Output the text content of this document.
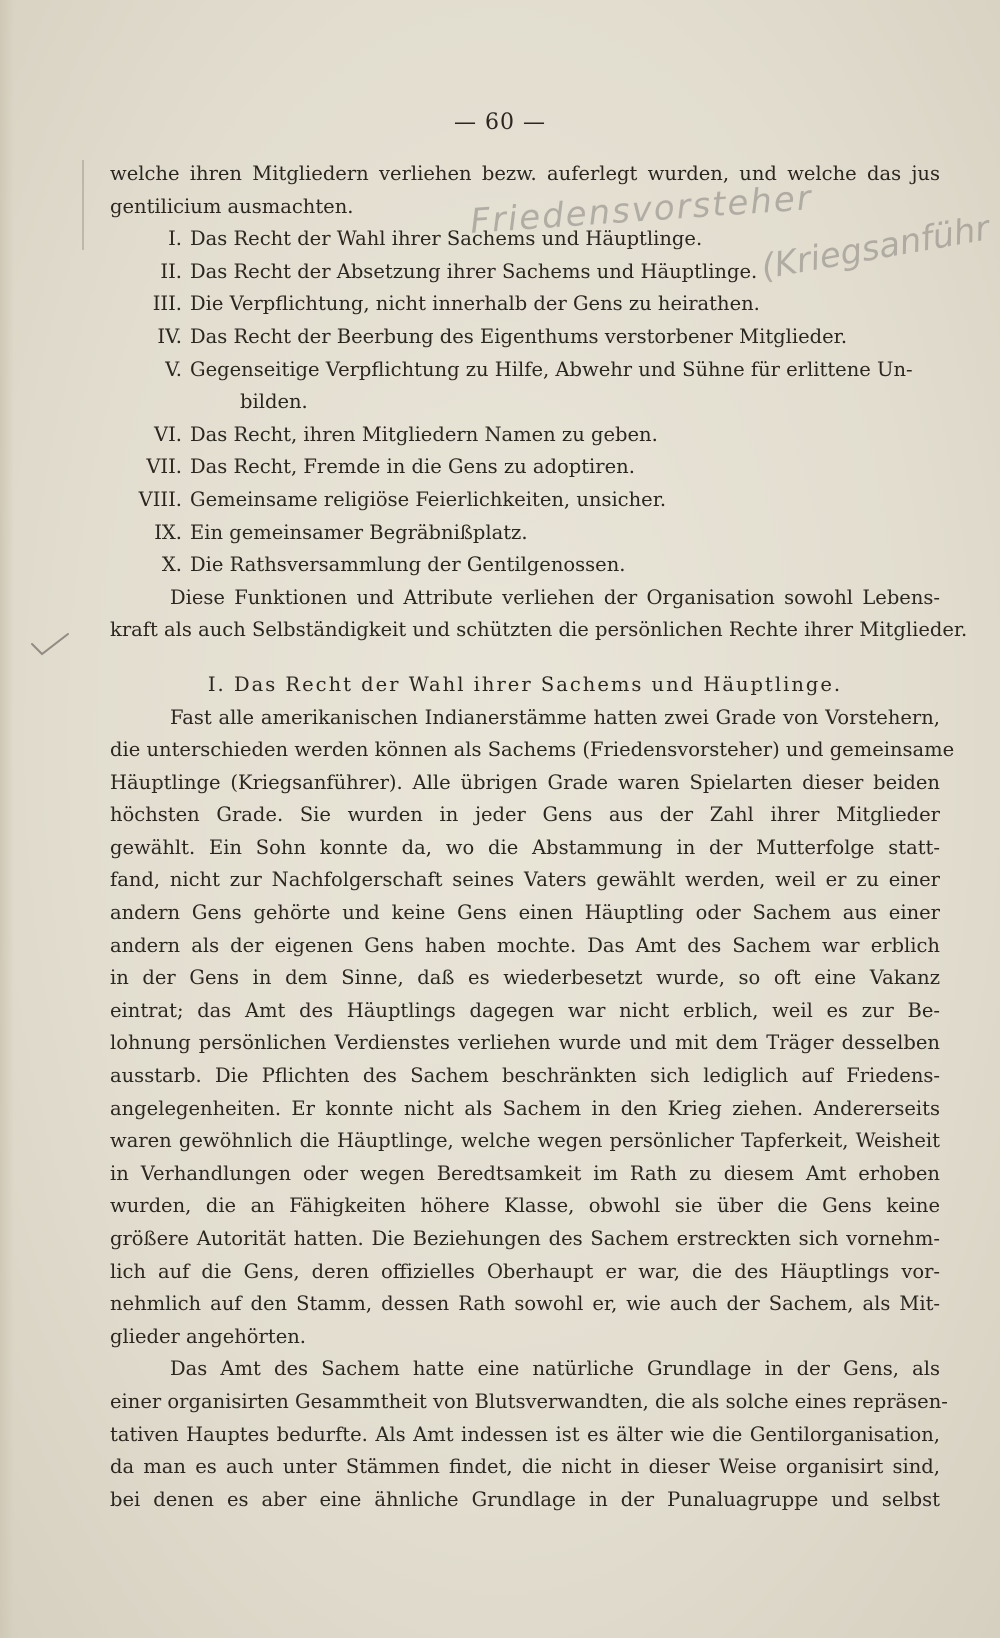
— 60 —
Friedensvorsteher
(Kriegsanführ
welche ihren Mitgliedern verliehen bezw. auferlegt wurden, und welche das jus
gentilicium ausmachten.
I. Das Recht der Wahl ihrer Sachems und Häuptlinge.
II. Das Recht der Absetzung ihrer Sachems und Häuptlinge.
III. Die Verpflichtung, nicht innerhalb der Gens zu heirathen.
IV. Das Recht der Beerbung des Eigenthums verstorbener Mitglieder.
V. Gegenseitige Verpflichtung zu Hilfe, Abwehr und Sühne für erlittene Un-
bilden.
VI. Das Recht, ihren Mitgliedern Namen zu geben.
VII. Das Recht, Fremde in die Gens zu adoptiren.
VIII. Gemeinsame religiöse Feierlichkeiten, unsicher.
IX. Ein gemeinsamer Begräbnißplatz.
X. Die Rathsversammlung der Gentilgenossen.
Diese Funktionen und Attribute verliehen der Organisation sowohl Lebens-
kraft als auch Selbständigkeit und schützten die persönlichen Rechte ihrer Mitglieder.
I. Das Recht der Wahl ihrer Sachems und Häuptlinge.
Fast alle amerikanischen Indianerstämme hatten zwei Grade von Vorstehern,
die unterschieden werden können als Sachems (Friedensvorsteher) und gemeinsame
Häuptlinge (Kriegsanführer). Alle übrigen Grade waren Spielarten dieser beiden
höchsten Grade. Sie wurden in jeder Gens aus der Zahl ihrer Mitglieder
gewählt. Ein Sohn konnte da, wo die Abstammung in der Mutterfolge statt-
fand, nicht zur Nachfolgerschaft seines Vaters gewählt werden, weil er zu einer
andern Gens gehörte und keine Gens einen Häuptling oder Sachem aus einer
andern als der eigenen Gens haben mochte. Das Amt des Sachem war erblich
in der Gens in dem Sinne, daß es wiederbesetzt wurde, so oft eine Vakanz
eintrat; das Amt des Häuptlings dagegen war nicht erblich, weil es zur Be-
lohnung persönlichen Verdienstes verliehen wurde und mit dem Träger desselben
ausstarb. Die Pflichten des Sachem beschränkten sich lediglich auf Friedens-
angelegenheiten. Er konnte nicht als Sachem in den Krieg ziehen. Andererseits
waren gewöhnlich die Häuptlinge, welche wegen persönlicher Tapferkeit, Weisheit
in Verhandlungen oder wegen Beredtsamkeit im Rath zu diesem Amt erhoben
wurden, die an Fähigkeiten höhere Klasse, obwohl sie über die Gens keine
größere Autorität hatten. Die Beziehungen des Sachem erstreckten sich vornehm-
lich auf die Gens, deren offizielles Oberhaupt er war, die des Häuptlings vor-
nehmlich auf den Stamm, dessen Rath sowohl er, wie auch der Sachem, als Mit-
glieder angehörten.
Das Amt des Sachem hatte eine natürliche Grundlage in der Gens, als
einer organisirten Gesammtheit von Blutsverwandten, die als solche eines repräsen-
tativen Hauptes bedurfte. Als Amt indessen ist es älter wie die Gentilorganisation,
da man es auch unter Stämmen findet, die nicht in dieser Weise organisirt sind,
bei denen es aber eine ähnliche Grundlage in der Punaluagruppe und selbst
